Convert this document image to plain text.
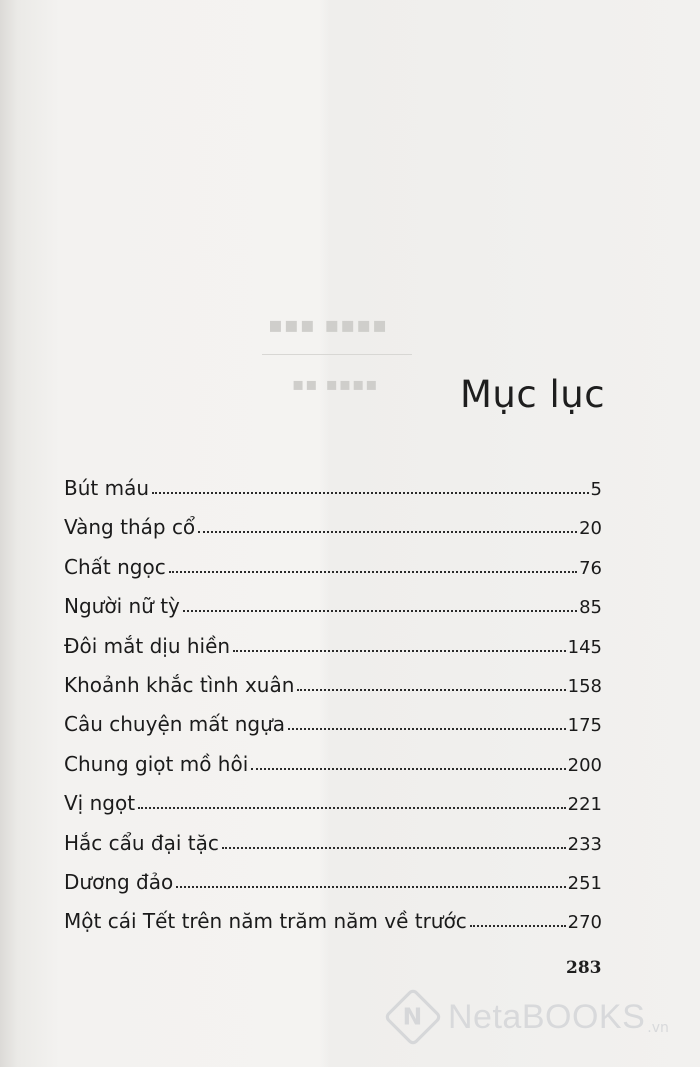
▪▪▪ ▪▪▪▪
▪▪ ▪▪▪▪ Mục lục
Bút máu	5
Vàng tháp cổ	20
Chất ngọc	76
Người nữ tỳ	85
Đôi mắt dịu hiền	145
Khoảnh khắc tình xuân	158
Câu chuyện mất ngựa	175
Chung giọt mồ hôi	200
Vị ngọt	221
Hắc cẩu đại tặc	233
Dương đảo	251
Một cái Tết trên năm trăm năm về trước	270
283
N NetaBOOKS .vn
